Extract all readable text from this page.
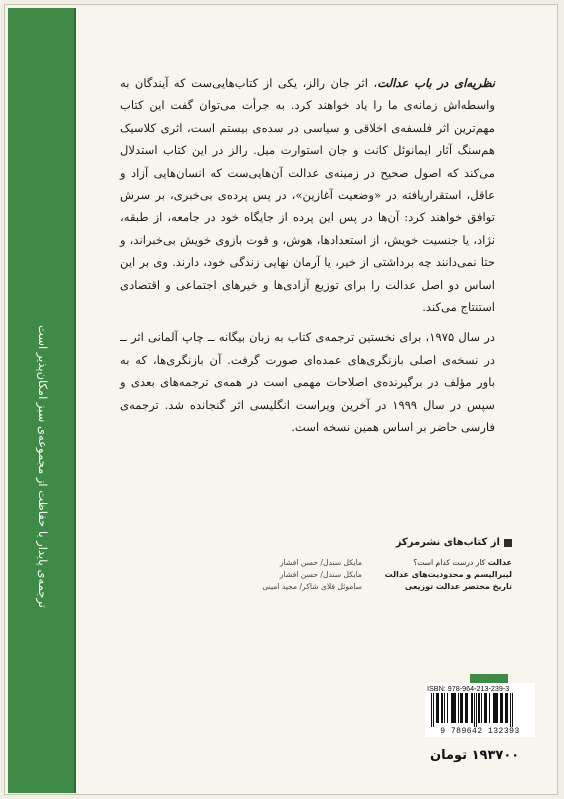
ترجمه‌ی پایدار با حفاظت از مجموعه‌ی سبز امکان‌پذیر است

نظریه‌ای در باب عدالت، اثر جان رالز، یکی از کتاب‌هایی‌ست که آیندگان به واسطه‌اش زمانه‌ی ما را یاد خواهند کرد. به جرأت می‌توان گفت این کتاب مهم‌ترین اثر فلسفه‌ی اخلاقی و سیاسی در سده‌ی بیستم است، اثری کلاسیک هم‌سنگ آثار ایمانوئل کانت و جان استوارت میل. رالز در این کتاب استدلال می‌کند که اصول صحیح در زمینه‌ی عدالت آن‌هایی‌ست که انسان‌هایی آزاد و عاقل، استقراریافته در «وضعیت آغازین»، در پس پرده‌ی بی‌خبری، بر سرش توافق خواهند کرد: آن‌ها در پس این پرده از جایگاه خود در جامعه، از طبقه، نژاد، یا جنسیت خویش، از استعدادها، هوش، و قوت بازوی خویش بی‌خبراند، و حتا نمی‌دانند چه برداشتی از خیر، یا آرمان نهایی زندگی خود، دارند. وی بر این اساس دو اصل عدالت را برای توزیع آزادی‌ها و خیرهای اجتماعی و اقتصادی استنتاج می‌کند.

در سال ۱۹۷۵، برای نخستین ترجمه‌ی کتاب به زبان بیگانه ــ چاپ آلمانی اثر ــ در نسخه‌ی اصلی بازنگری‌های عمده‌ای صورت گرفت. آن بازنگری‌ها، که به باور مؤلف در برگیرنده‌ی اصلاحات مهمی است در همه‌ی ترجمه‌های بعدی و سپس در سال ۱۹۹۹ در آخرین ویراست انگلیسی اثر گنجانده شد. ترجمه‌ی فارسی حاضر بر اساس همین نسخه است.

از کتاب‌های نشرمرکز
عدالت کار درست کدام است؟
مایکل سندل/ حسن افشار
لیبرالیسم و محدودیت‌های عدالت
مایکل سندل/ حسن افشار
تاریخ مختصر عدالت توزیعی
ساموئل فلای شاکر/ مجید امینی
ISBN: 978-964-213-239-3
9 789642 132393
۱۹۳۷۰۰ تومان
